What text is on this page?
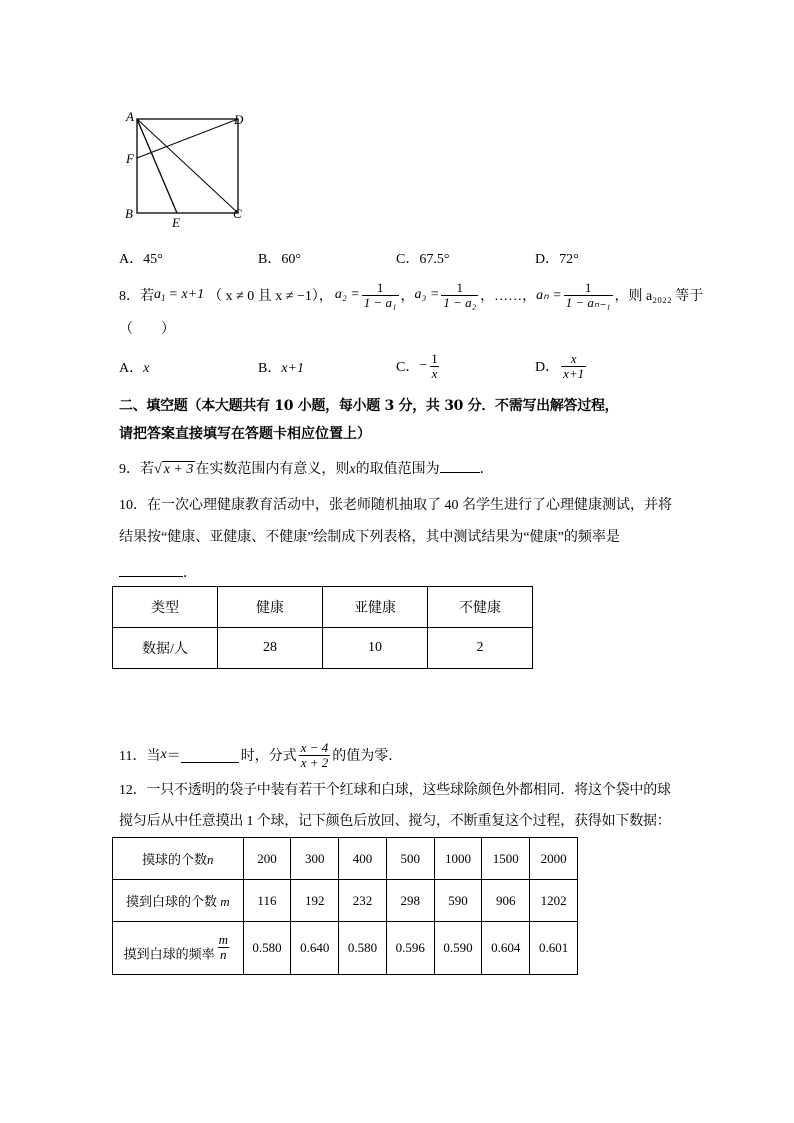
A	D
F
B
E
C
A．45°	B．60°	C．67.5°	D．72°
8． 若 $a_1 = x+1$ （ x ≠ 0 且 x ≠ −1）， $a_2 = \frac{1}{\text{1 − a₁}}$ ， $a_3 = \frac{1}{\text{1 − a₂}}$ ，……， $a_n = \frac{1}{\text{1 − aₙ₋₁}}$ ，则 a₂₀₂₂ 等于
（　　）
A．x	B．x+1	C． − $\frac{1}{x}$	D． $\frac{x}{x+1}$
二、填空题（本大题共有 10 小题，每小题 3 分，共 30 分．不需写出解答过程，
请把答案直接填写在答题卡相应位置上）
9．若√ x + 3 在实数范围内有意义，则x的取值范围为	．
10．在一次心理健康教育活动中，张老师随机抽取了 40 名学生进行了心理健康测试，并将
结果按“健康、亚健康、不健康”绘制成下列表格，其中测试结果为“健康”的频率是
．
类型	健康	亚健康	不健康
数据/人	28	10	2
11．当 x ＝	时，分式 $\frac{x - 4}{x + 2}$ 的值为零．
12．一只不透明的袋子中装有若干个红球和白球，这些球除颜色外都相同．将这个袋中的球
搅匀后从中任意摸出 1 个球，记下颜色后放回、搅匀，不断重复这个过程，获得如下数据：
摸球的个数n	200	300	400	500	1000	1500	2000
摸到白球的个数 m	116	192	232	298	590	906	1202
摸到白球的频率 $\frac{m}{n}$	0.580	0.640	0.580	0.596	0.590	0.604	0.601
